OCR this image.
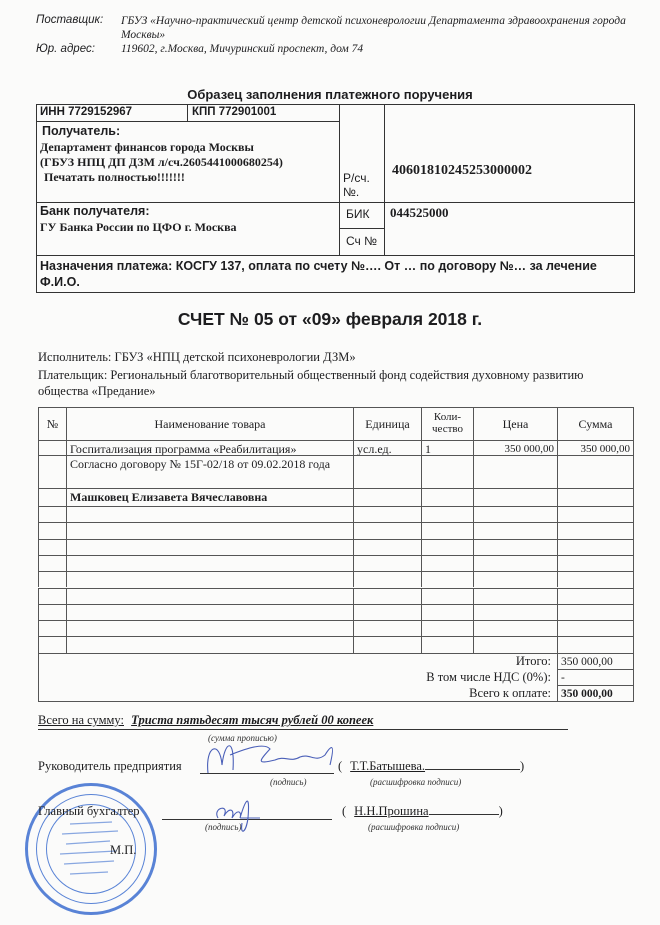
Поставщик: ГБУЗ «Научно-практический центр детской психоневрологии Департамента здравоохранения города Москвы»
Юр. адрес: 119602, г.Москва, Мичуринский проспект, дом 74
Образец заполнения платежного поручения
ИНН 7729152967	КПП 772901001
Получатель:
Департамент финансов города Москвы
(ГБУЗ НПЦ ДП ДЗМ л/сч.2605441000680254)
Печатать полностью!!!!!!!	Р/сч. №.
40601810245253000002
Банк получателя:
ГУ Банка России по ЦФО г. Москва
БИК 044525000
Сч №
Назначения платежа: КОСГУ 137, оплата по счету №…. От … по договору №… за лечение Ф.И.О.
СЧЕТ № 05 от «09» февраля 2018 г.
Исполнитель: ГБУЗ «НПЦ детской психоневрологии ДЗМ»
Плательщик: Региональный благотворительный общественный фонд содействия духовному развитию общества «Предание»
№	Наименование товара	Единица	Коли-чество	Цена	Сумма
Госпитализация программа «Реабилитация»	усл.ед.	1	350 000,00	350 000,00
Согласно договору № 15Г-02/18 от 09.02.2018 года
Машковец Елизавета Вячеславовна
Итого: 350 000,00
В том числе НДС (0%): -
Всего к оплате: 350 000,00
Всего на сумму: Триста пятьдесят тысяч рублей 00 копеек
(сумма прописью)
Руководитель предприятия	( Т.Т.Батышева.	)
(подпись)	(расшифровка подписи)
Главный бухгалтер	( Н.Н.Прошина	)
(подпись)	(расшифровка подписи)
М.П.
